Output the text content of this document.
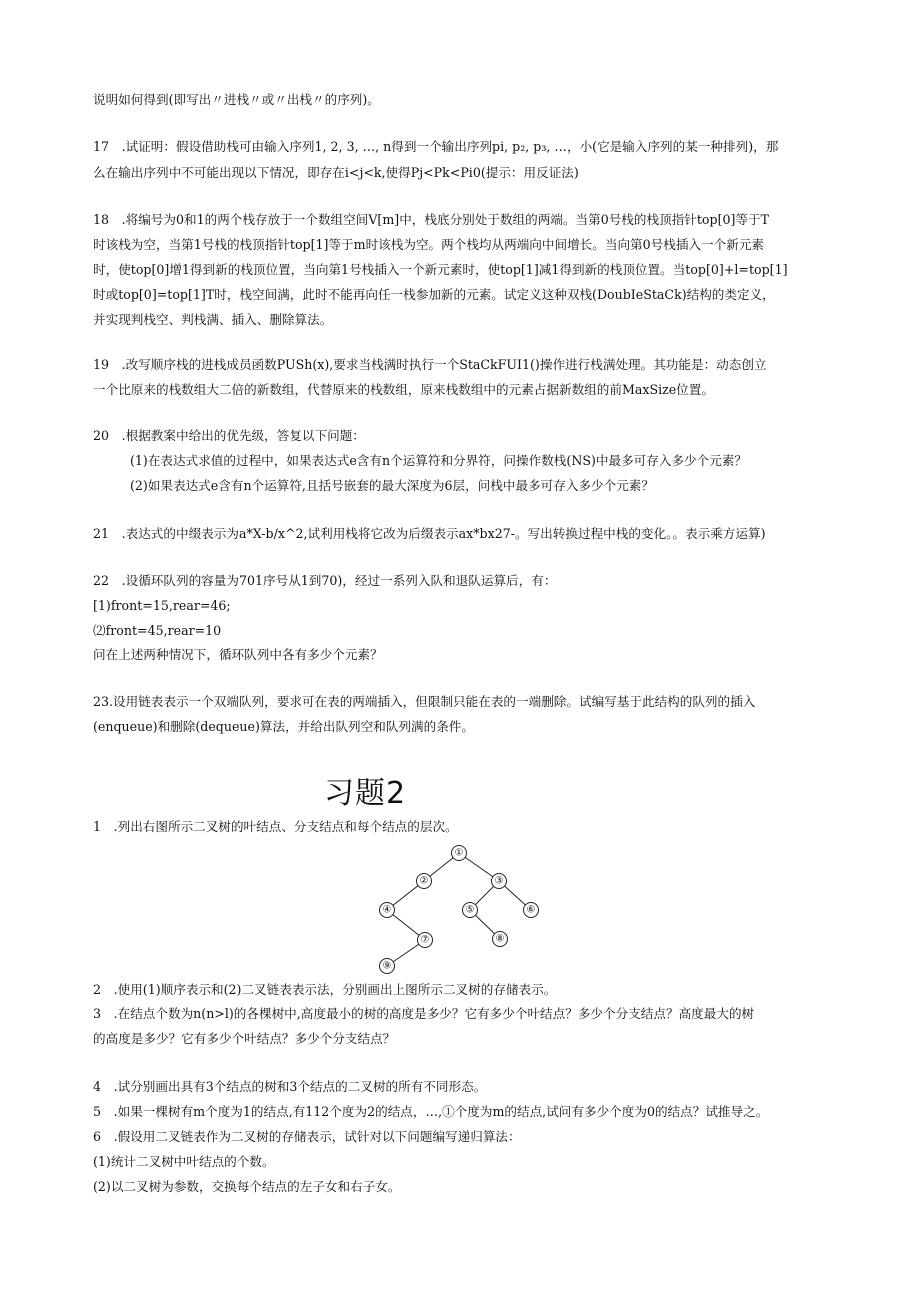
说明如何得到(即写出〃进栈〃或〃出栈〃的序列)。
17 .试证明：假设借助栈可由输入序列1, 2, 3, …, n得到一个输出序列pi, p₂, p₃, …，小(它是输入序列的某一种排列)，那
么在输出序列中不可能出现以下情况，即存在i<j<k,使得Pj<Pk<Pi0(提示：用反证法)
18 .将编号为0和1的两个栈存放于一个数组空间V[m]中，栈底分别处于数组的两端。当第0号栈的栈顶指针top[0]等于T
时该栈为空，当第1号栈的栈顶指针top[1]等于m时该栈为空。两个栈均从两端向中间增长。当向第0号栈插入一个新元素
时，使top[0]增1得到新的栈顶位置，当向第1号栈插入一个新元素时，使top[1]减1得到新的栈顶位置。当top[0]+l=top[1]
时或top[0]=top[1]T时，栈空间满，此时不能再向任一栈参加新的元素。试定义这种双栈(DoubIeStaCk)结构的类定义，
并实现判栈空、判栈满、插入、删除算法。
19 .改写顺序栈的进栈成员函数PUSh(x),要求当栈满时执行一个StaCkFUI1()操作进行栈满处理。其功能是：动态创立
一个比原来的栈数组大二倍的新数组，代替原来的栈数组，原来栈数组中的元素占据新数组的前MaxSize位置。
20 .根据教案中给出的优先级，答复以下问题：
(1)在表达式求值的过程中，如果表达式e含有n个运算符和分界符，问操作数栈(NS)中最多可存入多少个元素？
(2)如果表达式e含有n个运算符,且括号嵌套的最大深度为6层，问栈中最多可存入多少个元素？
21 .表达式的中缀表示为a*X-b/x^2,试利用栈将它改为后缀表示ax*bx27-。写出转换过程中栈的变化。。表示乘方运算)
22 .设循环队列的容量为701序号从1到70)，经过一系列入队和退队运算后，有：
[1)front=15,rear=46;
⑵front=45,rear=10
问在上述两种情况下，循环队列中各有多少个元素？
23.设用链表表示一个双端队列，要求可在表的两端插入，但限制只能在表的一端删除。试编写基于此结构的队列的插入
(enqueue)和删除(dequeue)算法，并给出队列空和队列满的条件。
习题2
1 .列出右图所示二叉树的叶结点、分支结点和每个结点的层次。
①
②	③
④	⑤	⑥
⑦	⑧
⑨
2 .使用(1)顺序表示和(2)二叉链表表示法，分别画出上图所示二叉树的存储表示。
3 .在结点个数为n(n>l)的各棵树中,高度最小的树的高度是多少？它有多少个叶结点？多少个分支结点？高度最大的树
的高度是多少？它有多少个叶结点？多少个分支结点？
4 .试分别画出具有3个结点的树和3个结点的二叉树的所有不同形态。
5 .如果一棵树有m个度为1的结点,有112个度为2的结点，…,①个度为m的结点,试问有多少个度为0的结点？试推导之。
6 .假设用二叉链表作为二叉树的存储表示，试针对以下问题编写递归算法：
(1)统计二叉树中叶结点的个数。
(2)以二叉树为参数，交换每个结点的左子女和右子女。
